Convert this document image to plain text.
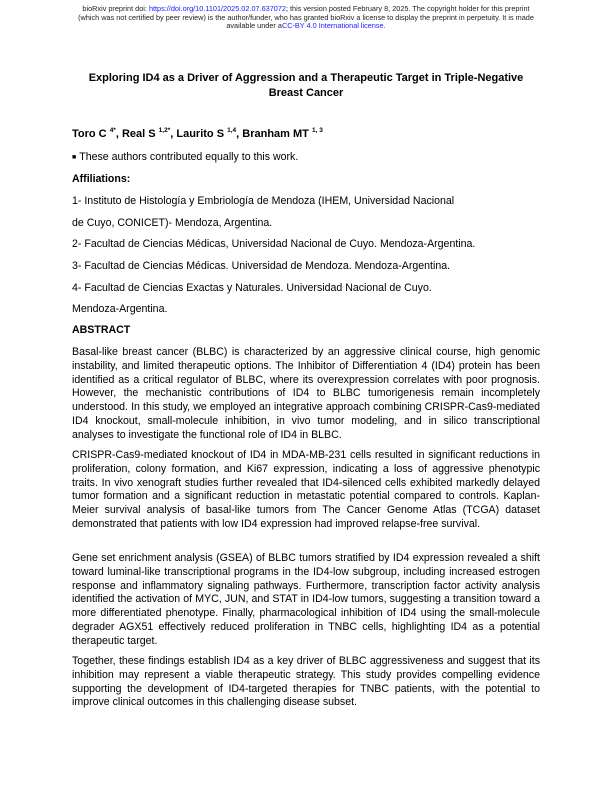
bioRxiv preprint doi: https://doi.org/10.1101/2025.02.07.637072; this version posted February 8, 2025. The copyright holder for this preprint
(which was not certified by peer review) is the author/funder, who has granted bioRxiv a license to display the preprint in perpetuity. It is made
available under aCC-BY 4.0 International license.
Exploring ID4 as a Driver of Aggression and a Therapeutic Target in Triple-Negative Breast Cancer
Toro C $^{4*}$, Real S $^{1,2*}$, Laurito S $^{1,4}$, Branham MT $^{1, 3}$
■ These authors contributed equally to this work.
Affiliations:
1- Instituto de Histología y Embriología de Mendoza (IHEM, Universidad Nacional
de Cuyo, CONICET)- Mendoza, Argentina.
2- Facultad de Ciencias Médicas, Universidad Nacional de Cuyo. Mendoza-Argentina.
3- Facultad de Ciencias Médicas. Universidad de Mendoza. Mendoza-Argentina.
4- Facultad de Ciencias Exactas y Naturales. Universidad Nacional de Cuyo.
Mendoza-Argentina.
ABSTRACT
Basal-like breast cancer (BLBC) is characterized by an aggressive clinical course, high genomic instability, and limited therapeutic options. The Inhibitor of Differentiation 4 (ID4) protein has been identified as a critical regulator of BLBC, where its overexpression correlates with poor prognosis. However, the mechanistic contributions of ID4 to BLBC tumorigenesis remain incompletely understood. In this study, we employed an integrative approach combining CRISPR-Cas9-mediated ID4 knockout, small-molecule inhibition, in vivo tumor modeling, and in silico transcriptional analyses to investigate the functional role of ID4 in BLBC.
CRISPR-Cas9-mediated knockout of ID4 in MDA-MB-231 cells resulted in significant reductions in proliferation, colony formation, and Ki67 expression, indicating a loss of aggressive phenotypic traits. In vivo xenograft studies further revealed that ID4-silenced cells exhibited markedly delayed tumor formation and a significant reduction in metastatic potential compared to controls. Kaplan-Meier survival analysis of basal-like tumors from The Cancer Genome Atlas (TCGA) dataset demonstrated that patients with low ID4 expression had improved relapse-free survival.
Gene set enrichment analysis (GSEA) of BLBC tumors stratified by ID4 expression revealed a shift toward luminal-like transcriptional programs in the ID4-low subgroup, including increased estrogen response and inflammatory signaling pathways. Furthermore, transcription factor activity analysis identified the activation of MYC, JUN, and STAT in ID4-low tumors, suggesting a transition toward a more differentiated phenotype. Finally, pharmacological inhibition of ID4 using the small-molecule degrader AGX51 effectively reduced proliferation in TNBC cells, highlighting ID4 as a potential therapeutic target.
Together, these findings establish ID4 as a key driver of BLBC aggressiveness and suggest that its inhibition may represent a viable therapeutic strategy. This study provides compelling evidence supporting the development of ID4-targeted therapies for TNBC patients, with the potential to improve clinical outcomes in this challenging disease subset.
